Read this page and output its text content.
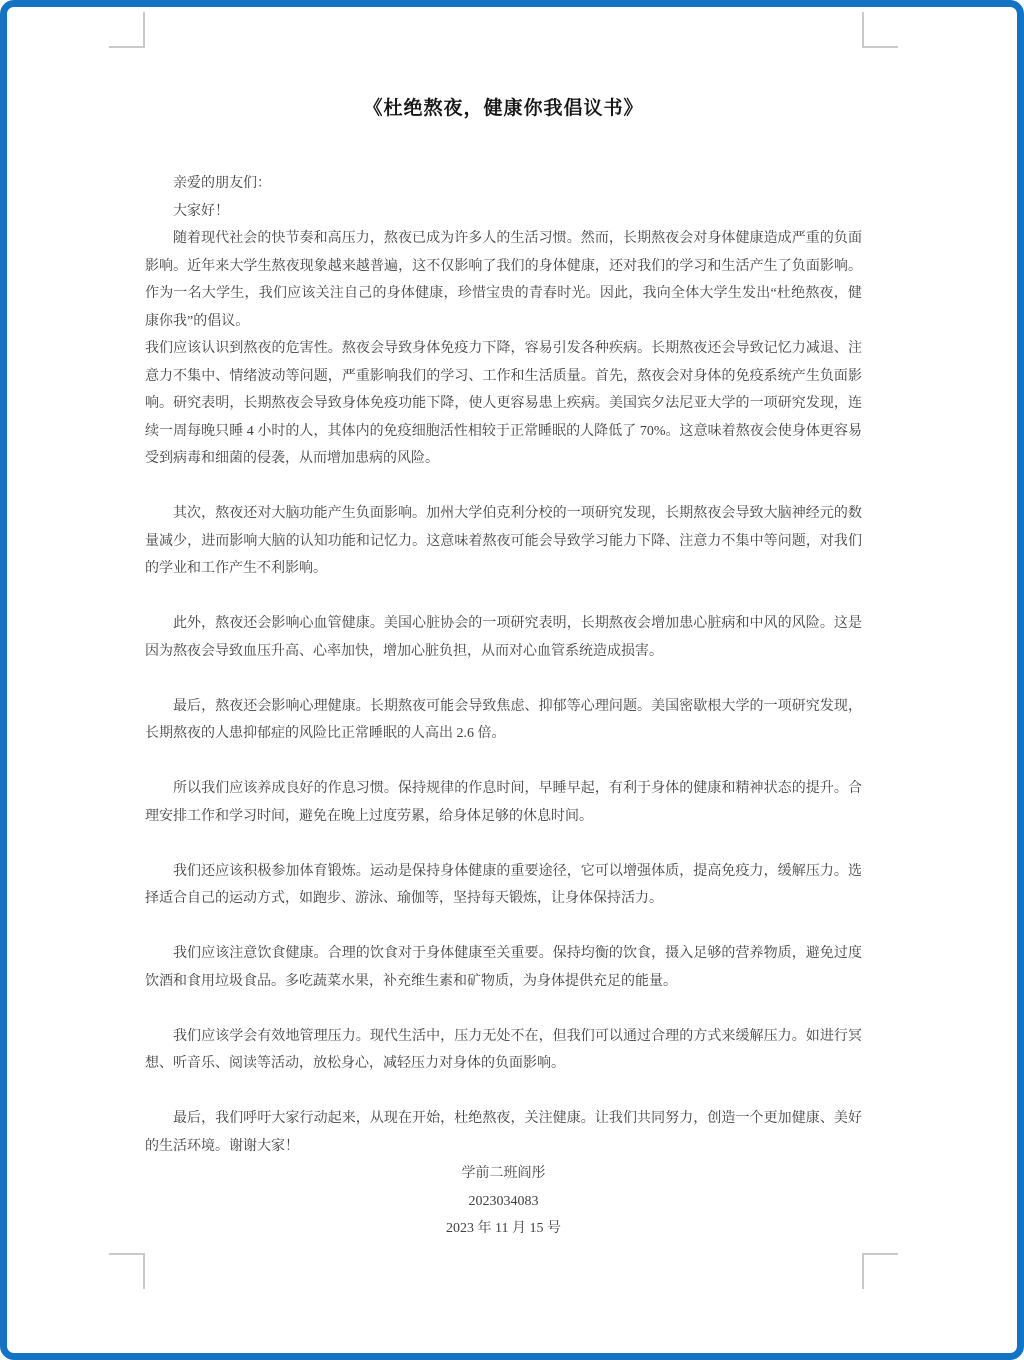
《杜绝熬夜，健康你我倡议书》

亲爱的朋友们：

大家好！

随着现代社会的快节奏和高压力，熬夜已成为许多人的生活习惯。然而，长期熬夜会对身体健康造成严重的负面影响。近年来大学生熬夜现象越来越普遍，这不仅影响了我们的身体健康，还对我们的学习和生活产生了负面影响。作为一名大学生，我们应该关注自己的身体健康，珍惜宝贵的青春时光。因此，我向全体大学生发出“杜绝熬夜，健康你我”的倡议。

我们应该认识到熬夜的危害性。熬夜会导致身体免疫力下降，容易引发各种疾病。长期熬夜还会导致记忆力减退、注意力不集中、情绪波动等问题，严重影响我们的学习、工作和生活质量。首先，熬夜会对身体的免疫系统产生负面影响。研究表明，长期熬夜会导致身体免疫功能下降，使人更容易患上疾病。美国宾夕法尼亚大学的一项研究发现，连续一周每晚只睡 4 小时的人，其体内的免疫细胞活性相较于正常睡眠的人降低了 70%。这意味着熬夜会使身体更容易受到病毒和细菌的侵袭，从而增加患病的风险。

其次，熬夜还对大脑功能产生负面影响。加州大学伯克利分校的一项研究发现，长期熬夜会导致大脑神经元的数量减少，进而影响大脑的认知功能和记忆力。这意味着熬夜可能会导致学习能力下降、注意力不集中等问题，对我们的学业和工作产生不利影响。

此外，熬夜还会影响心血管健康。美国心脏协会的一项研究表明，长期熬夜会增加患心脏病和中风的风险。这是因为熬夜会导致血压升高、心率加快，增加心脏负担，从而对心血管系统造成损害。

最后，熬夜还会影响心理健康。长期熬夜可能会导致焦虑、抑郁等心理问题。美国密歇根大学的一项研究发现，长期熬夜的人患抑郁症的风险比正常睡眠的人高出 2.6 倍。

所以我们应该养成良好的作息习惯。保持规律的作息时间，早睡早起，有利于身体的健康和精神状态的提升。合理安排工作和学习时间，避免在晚上过度劳累，给身体足够的休息时间。

我们还应该积极参加体育锻炼。运动是保持身体健康的重要途径，它可以增强体质，提高免疫力，缓解压力。选择适合自己的运动方式，如跑步、游泳、瑜伽等，坚持每天锻炼，让身体保持活力。

我们应该注意饮食健康。合理的饮食对于身体健康至关重要。保持均衡的饮食，摄入足够的营养物质，避免过度饮酒和食用垃圾食品。多吃蔬菜水果，补充维生素和矿物质，为身体提供充足的能量。

我们应该学会有效地管理压力。现代生活中，压力无处不在，但我们可以通过合理的方式来缓解压力。如进行冥想、听音乐、阅读等活动，放松身心，减轻压力对身体的负面影响。

最后，我们呼吁大家行动起来，从现在开始，杜绝熬夜，关注健康。让我们共同努力，创造一个更加健康、美好的生活环境。谢谢大家！

学前二班阎彤
2023034083
2023 年 11 月 15 号
